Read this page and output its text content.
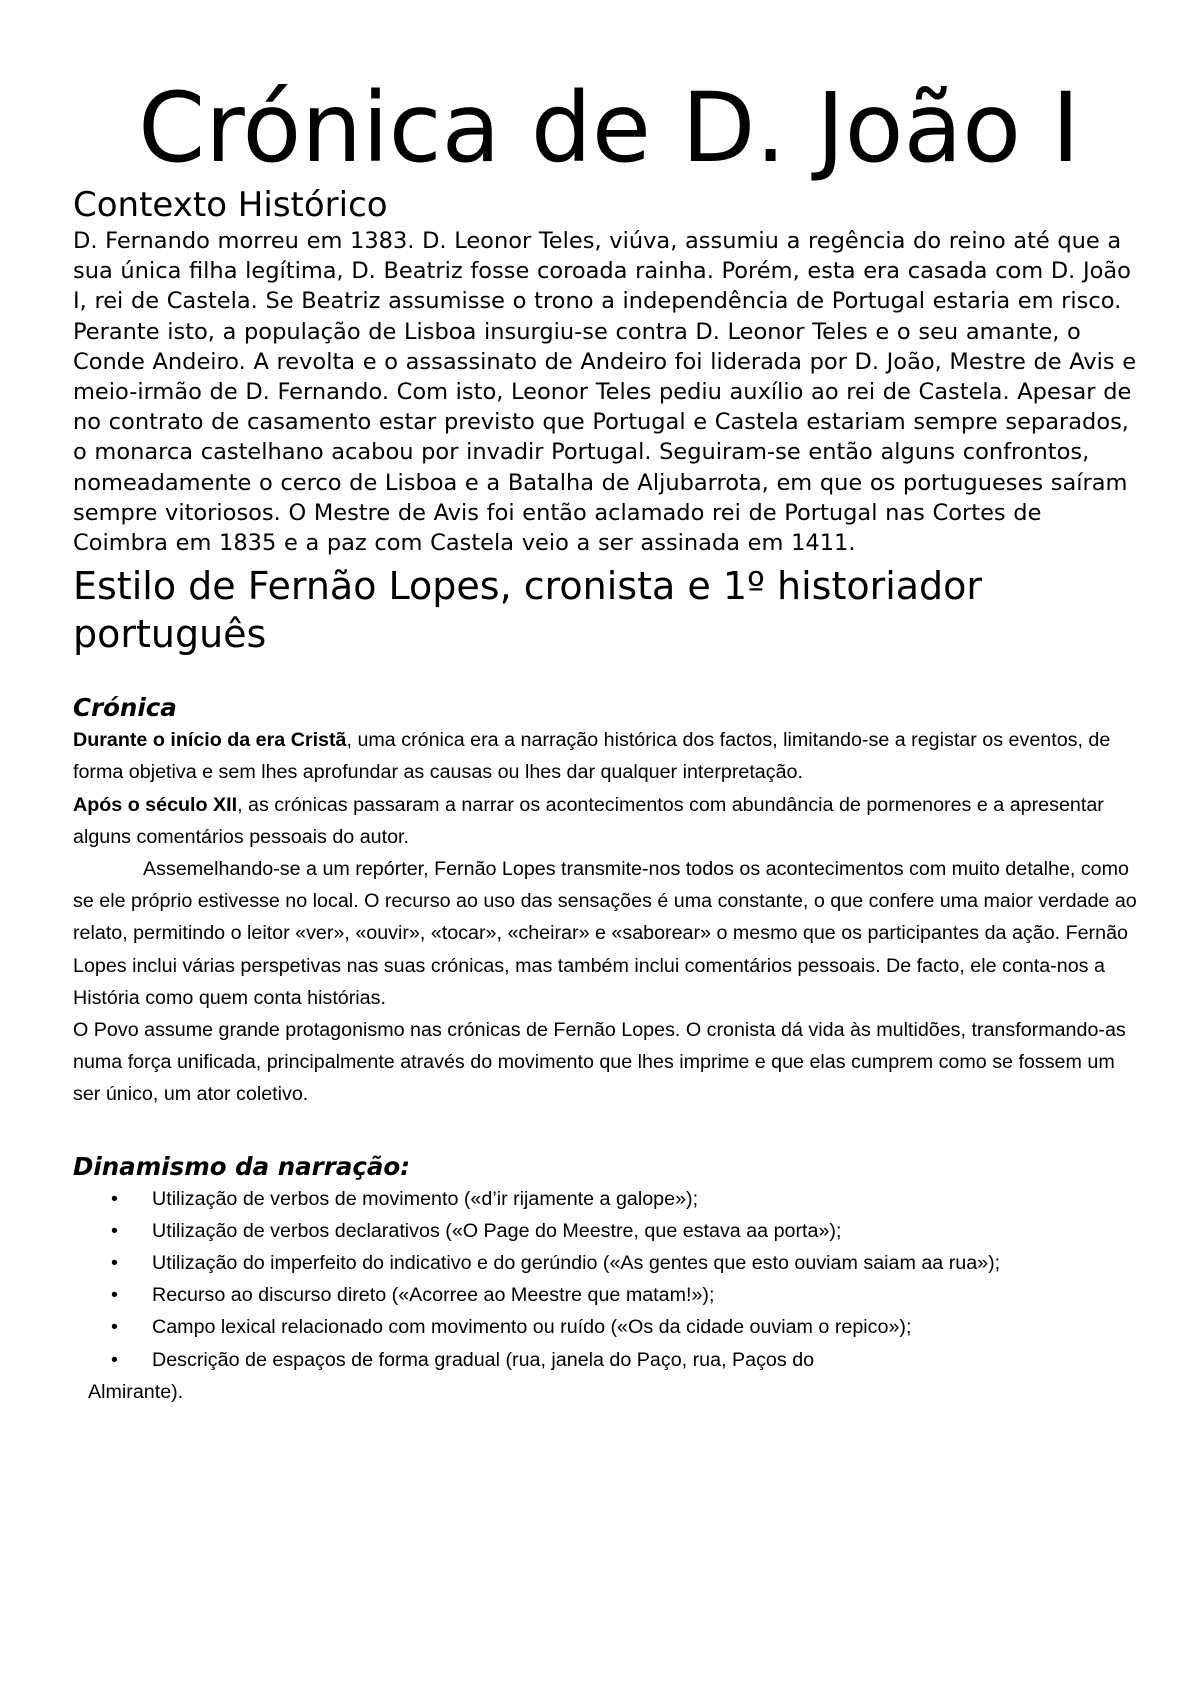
Crónica de D. João I
Contexto Histórico

D. Fernando morreu em 1383. D. Leonor Teles, viúva, assumiu a regência do reino até que a sua única filha legítima, D. Beatriz fosse coroada rainha. Porém, esta era casada com D. João I, rei de Castela. Se Beatriz assumisse o trono a independência de Portugal estaria em risco.

Perante isto, a população de Lisboa insurgiu-se contra D. Leonor Teles e o seu amante, o Conde Andeiro. A revolta e o assassinato de Andeiro foi liderada por D. João, Mestre de Avis e meio-irmão de D. Fernando. Com isto, Leonor Teles pediu auxílio ao rei de Castela. Apesar de no contrato de casamento estar previsto que Portugal e Castela estariam sempre separados, o monarca castelhano acabou por invadir Portugal. Seguiram-se então alguns confrontos, nomeadamente o cerco de Lisboa e a Batalha de Aljubarrota, em que os portugueses saíram sempre vitoriosos. O Mestre de Avis foi então aclamado rei de Portugal nas Cortes de Coimbra em 1835 e a paz com Castela veio a ser assinada em 1411.

Estilo de Fernão Lopes, cronista e 1º historiador português
Crónica

Durante o início da era Cristã, uma crónica era a narração histórica dos factos, limitando-se a registar os eventos, de forma objetiva e sem lhes aprofundar as causas ou lhes dar qualquer interpretação.

Após o século XII, as crónicas passaram a narrar os acontecimentos com abundância de pormenores e a apresentar alguns comentários pessoais do autor.

Assemelhando-se a um repórter, Fernão Lopes transmite-nos todos os acontecimentos com muito detalhe, como se ele próprio estivesse no local. O recurso ao uso das sensações é uma constante, o que confere uma maior verdade ao relato, permitindo o leitor «ver», «ouvir», «tocar», «cheirar» e «saborear» o mesmo que os participantes da ação. Fernão Lopes inclui várias perspetivas nas suas crónicas, mas também inclui comentários pessoais. De facto, ele conta-nos a História como quem conta histórias.

O Povo assume grande protagonismo nas crónicas de Fernão Lopes. O cronista dá vida às multidões, transformando-as numa força unificada, principalmente através do movimento que lhes imprime e que elas cumprem como se fossem um ser único, um ator coletivo.

Dinamismo da narração:
• Utilização de verbos de movimento («d’ir rijamente a galope»);
• Utilização de verbos declarativos («O Page do Meestre, que estava aa porta»);
• Utilização do imperfeito do indicativo e do gerúndio («As gentes que esto ouviam saiam aa rua»);
• Recurso ao discurso direto («Acorree ao Meestre que matam!»);
• Campo lexical relacionado com movimento ou ruído («Os da cidade ouviam o repico»);
• Descrição de espaços de forma gradual (rua, janela do Paço, rua, Paços do

Almirante).
